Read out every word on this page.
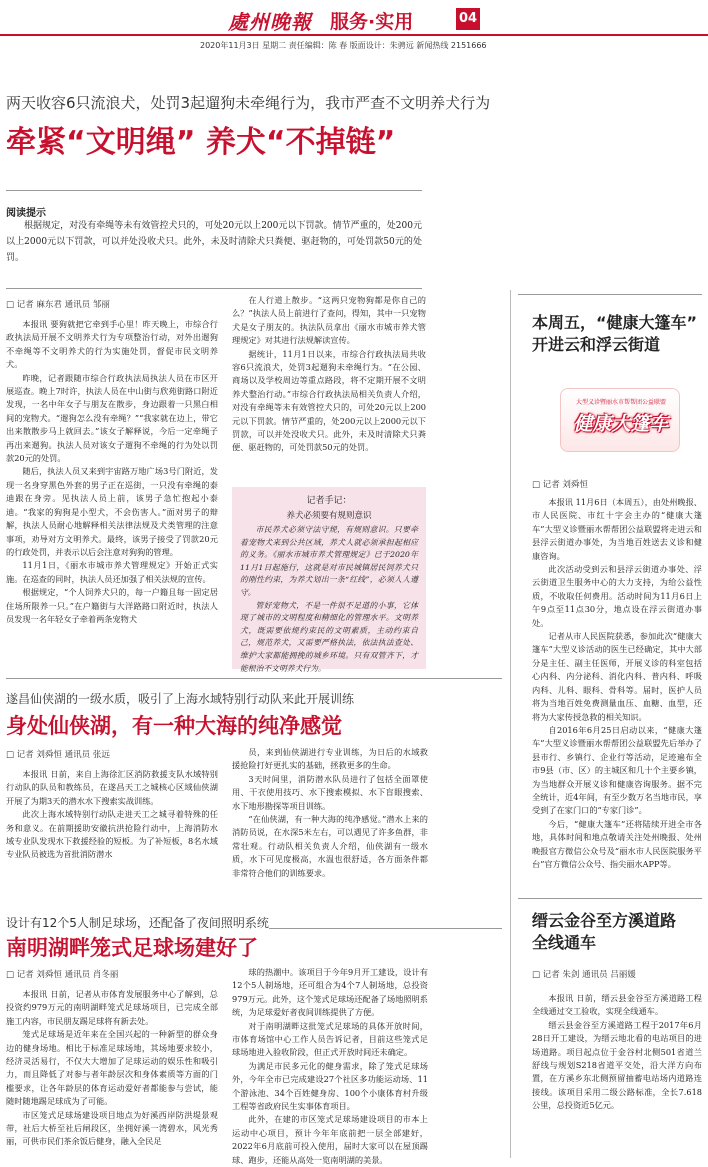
處州晚報 服务·实用	04
2020年11月3日 星期二 责任编辑：陈 春 版面设计：朱骋远 新闻热线 2151666
两天收容6只流浪犬，处罚3起遛狗未牵绳行为，我市严查不文明养犬行为
牵紧“文明绳” 养犬“不掉链”
阅读提示

根据规定，对没有牵绳等未有效管控犬只的，可处20元以上200元以下罚款。情节严重的，处200元以上2000元以下罚款，可以并处没收犬只。此外，未及时清除犬只粪便、驱赶物的，可处罚款50元的处罚。

□ 记者 麻东君 通讯员 邹丽

本报讯 要狗就把它牵到手心里！昨天晚上，市综合行政执法局开展不文明养犬行为专项整治行动，对外出遛狗不牵绳等不文明养犬的行为实施处罚，督促市民文明养犬。

昨晚，记者跟随市综合行政执法局执法人员在市区开展巡查。晚上7时许，执法人员在中山街与欣苑街路口附近发现，一名中年女子与朋友在散步，身边跟着一只黑白相间的宠物犬。“遛狗怎么没有牵绳？”“我家就在边上，带它出来散散步马上就回去。”该女子解释说，今后一定牵绳子再出来遛狗。执法人员对该女子遛狗不牵绳的行为处以罚款20元的处罚。

随后，执法人员又来到宇宙路万地广场3号门附近，发现一名身穿黑色外套的男子正在巡街，一只没有牵绳的泰迪跟在身旁。见执法人员上前，该男子急忙抱起小泰迪。“我家的狗狗是小型犬，不会伤害人。”面对男子的辩解，执法人员耐心地解释相关法律法规及犬类管理的注意事项，劝导对方文明养犬。最终，该男子接受了罚款20元的行政处罚，并表示以后会注意对狗狗的管理。

11月1日，《丽水市城市养犬管理规定》开始正式实施。在巡查的同时，执法人员还加强了相关法规的宣传。

根据规定，“个人饲养犬只的，每一户籍且每一固定居住场所限养一只。”在户籍街与大洋路路口附近时，执法人员发现一名年轻女子牵着两条宠物犬

在人行道上散步。“这两只宠物狗都是你自己的么？”执法人员上前进行了查问，得知，其中一只宠物犬是女子朋友的。执法队员拿出《丽水市城市养犬管理规定》对其进行法规解读宣传。

据统计，11月1日以来，市综合行政执法局共收容6只流浪犬，处罚3起遛狗未牵绳行为。“在公园、商场以及学校周边等重点路段，将不定期开展不文明养犬整治行动。”市综合行政执法局相关负责人介绍，对没有牵绳等未有效管控犬只的，可处20元以上200元以下罚款。情节严重的，处200元以上2000元以下罚款，可以并处没收犬只。此外，未及时清除犬只粪便、驱赶物的，可处罚款50元的处罚。

记者手记：
养犬必须要有规则意识

市民养犬必须守法守规，有规则意识。只要牵着宠物犬来到公共区域，养犬人就必须承担起相应的义务。《丽水市城市养犬管理规定》已于2020年11月1日起施行，这就是对市民城镇居民饲养犬只的刚性约束，为养犬划出一条“红线”，必须人人遵守。

管好宠物犬，不是一件很不足道的小事，它体现了城市的文明程度和精细化的管理水平。文明养犬，既需要依规约束民的文明素质，主动约束自己，规范养犬，又需要严格执法，依法执法查处、维护大家都能拥挽的城乡环境。只有双管齐下，才能根治不文明养犬行为。

遂昌仙侠湖的一级水质，吸引了上海水域特别行动队来此开展训练
身处仙侠湖，有一种大海的纯净感觉
□ 记者 刘舜恒 通讯员 张远

本报讯 日前，来自上海徐汇区消防救援支队水域特别行动队的队员和教练员，在遂昌天工之城核心区域仙侠湖开展了为期3天的潜水水下搜索实战训练。

此次上海水域特别行动队走进天工之城寻着特殊的任务和意义。在前期援助安徽抗洪抢险行动中，上海消防水域专业队发现水下救援经验的短板。为了补短板，8名水域专业队员被选为首批消防潜水

员，来到仙侠湖进行专业训练，为日后的水域救援抢险打好更扎实的基础，拯救更多的生命。

3天时间里，消防潜水队员进行了包括全面罩使用、干衣使用技巧、水下搜索模拟、水下盲眼搜索、水下地形勘探等项目训练。

“在仙侠湖，有一种大海的纯净感觉。”潜水上来的消防员说，在水深5米左右，可以遇见了许多鱼群，非常壮观。行动队相关负责人介绍，仙侠湖有一级水质，水下可见度极高，水温也很舒适，各方面条件都非常符合他们的训练要求。

设计有12个5人制足球场，还配备了夜间照明系统
南明湖畔笼式足球场建好了
□ 记者 刘舜恒 通讯员 肖冬丽

本报讯 日前，记者从市体育发展服务中心了解到，总投资约979万元的南明湖畔笼式足球场项目，已完成全部施工内容，市民朋友踢足球将有新去处。

笼式足球场是近年来在全国兴起的一种新型的群众身边的健身场地。相比于标准足球场地，其场地要求较小，经济灵活易行，不仅大大增加了足球运动的娱乐性和吸引力，而且降低了对参与者年龄层次和身体素质等方面的门槛要求，让各年龄层的体育运动爱好者都能参与尝试，能随时随地踢足球成为了可能。

市区笼式足球场建设项目地点为好溪西岸防洪堤景观带，社后大桥至社后闸段区，坐拥好溪一湾碧水，风光秀丽，可供市民们茶余饭后健身，融入全民足

球的热潮中。该项目于今年9月开工建设，设计有12个5人制场地，还可组合为4个7人制场地，总投资979万元。此外，这个笼式足球场还配备了场地照明系统，为足球爱好者夜间训练提供了方便。

对于南明湖畔这批笼式足球场的具体开放时间，市体育场馆中心工作人员告诉记者，目前这些笼式足球场地进入验收阶段，但正式开放时间还未确定。

为满足市民多元化的健身需求，除了笼式足球场外，今年全市已完成建设27个社区多功能运动场、11个游泳池、34个百姓健身房、100个小康体育村升级工程等省政府民生实事体育项目。

此外，在建的市区笼式足球场建设项目的市本上运动中心项目，预计今年年底前把一层全部建好，2022年6月底前可投入使用，届时大家可以在屋顶踢球、跑步，还能从高处一览南明湖的美景。

本周五，“健康大篷车”
开进云和浮云街道
大型义诊暨丽水市帮帮团公益联盟
健康大篷车
□ 记者 刘舜恒

本报讯 11月6日（本周五），由处州晚报、市人民医院、市红十字会主办的“健康大篷车”大型义诊暨丽水帮帮团公益联盟将走进云和县浮云街道办事处，为当地百姓送去义诊和健康咨询。

此次活动受到云和县浮云街道办事处、浮云街道卫生服务中心的大力支持，为给公益性质，不收取任何费用。活动时间为11月6日上午9点至11点30分，地点设在浮云街道办事处。

记者从市人民医院获悉，参加此次“健康大篷车”大型义诊活动的医生已经确定，其中大部分是主任、副主任医师，开展义诊的科室包括心内科、内分泌科、消化内科、普内科、呼吸内科、儿科、眼科、骨科等。届时，医护人员将为当地百姓免费测量血压、血糖、血型，还将为大家传授急救的相关知识。

自2016年6月25日启动以来，“健康大篷车”大型义诊暨丽水帮帮团公益联盟先后举办了县市行、乡镇行、企业行等活动，足迹遍布全市9县（市、区）的主城区和几十个主要乡镇，为当地群众开展义诊和健康咨询服务。据不完全统计，近4年间，有至少数万名当地市民，享受到了在家门口的“专家门诊”。

今后，“健康大篷车”还将陆续开进全市各地，具体时间和地点敬请关注处州晚报、处州晚报官方微信公众号及“丽水市人民医院服务平台”官方微信公众号、指尖丽水APP等。

缙云金谷至方溪道路
全线通车
□ 记者 朱剑 通讯员 吕丽媛

本报讯 日前，缙云县金谷至方溪道路工程全线通过交工验收，实现全线通车。

缙云县金谷至方溪道路工程于2017年6月28日开工建设，为缙云地北看的电站项目的进场道路。项目起点位于金谷村北侧501省道兰舒线与规划S218省道平交处，沿大洋方向布置，在方溪乡东北侧预留抽蓄电站场内道路连接线。该项目采用二级公路标准，全长7.618公里，总投资近5亿元。
